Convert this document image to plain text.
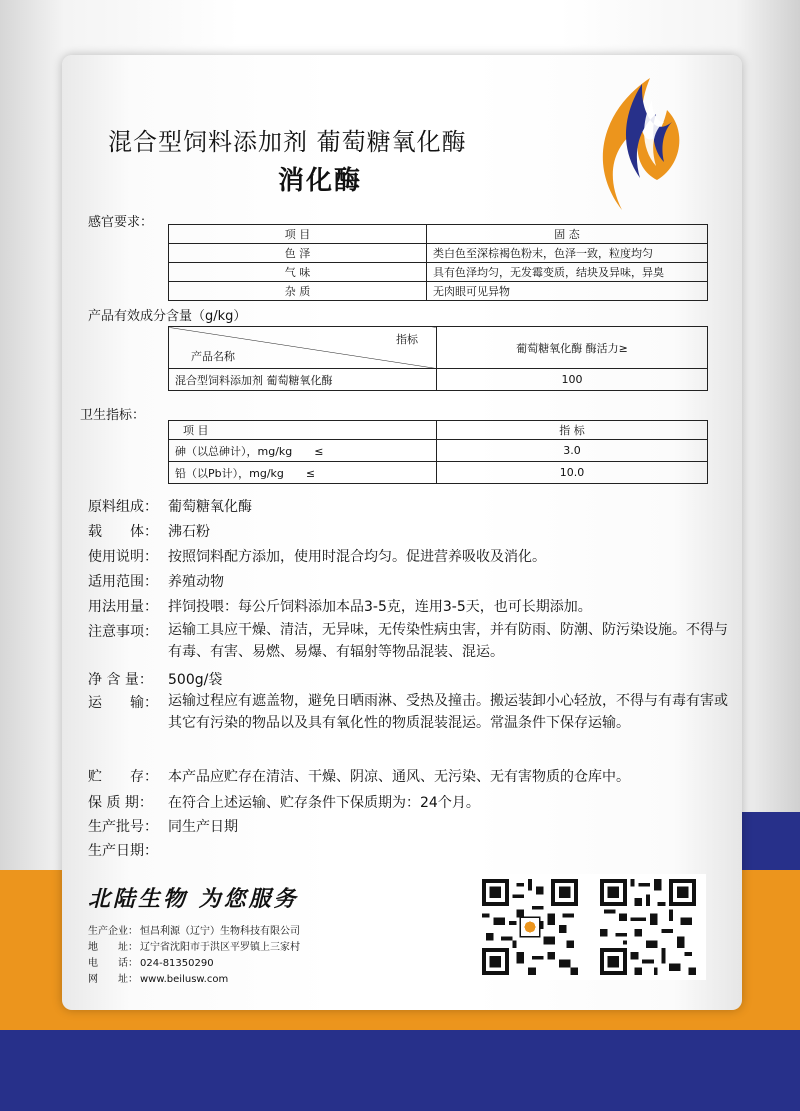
混合型饲料添加剂 葡萄糖氧化酶
消化酶
感官要求：
项 目	固 态
色 泽	类白色至深棕褐色粉末，色泽一致，粒度均匀
气 味	具有色泽均匀，无发霉变质，结块及异味，异臭
杂 质	无肉眼可见异物
产品有效成分含量（g/kg）
指标
产品名称	葡萄糖氧化酶 酶活力≥
混合型饲料添加剂 葡萄糖氧化酶	100
卫生指标：
项 目	指 标
砷（以总砷计），mg/kg　　≤	3.0
铅（以Pb计），mg/kg　　≤	10.0
原料组成： 葡萄糖氧化酶
载　　体： 沸石粉
使用说明： 按照饲料配方添加，使用时混合均匀。促进营养吸收及消化。
适用范围： 养殖动物
用法用量： 拌饲投喂：每公斤饲料添加本品3-5克，连用3-5天，也可长期添加。
注意事项： 运输工具应干燥、清洁，无异味，无传染性病虫害，并有防雨、防潮、防污染设施。不得与有毒、有害、易燃、易爆、有辐射等物品混装、混运。
净 含 量： 500g/袋
运　　输： 运输过程应有遮盖物，避免日晒雨淋、受热及撞击。搬运装卸小心轻放，不得与有毒有害或其它有污染的物品以及具有氧化性的物质混装混运。常温条件下保存运输。
贮　　存： 本产品应贮存在清洁、干燥、阴凉、通风、无污染、无有害物质的仓库中。
保 质 期： 在符合上述运输、贮存条件下保质期为：24个月。
生产批号： 同生产日期
生产日期：
北陆生物 为您服务
生产企业： 恒昌利源（辽宁）生物科技有限公司
地　　址： 辽宁省沈阳市于洪区平罗镇上三家村
电　　话： 024-81350290
网　　址： www.beilusw.com
